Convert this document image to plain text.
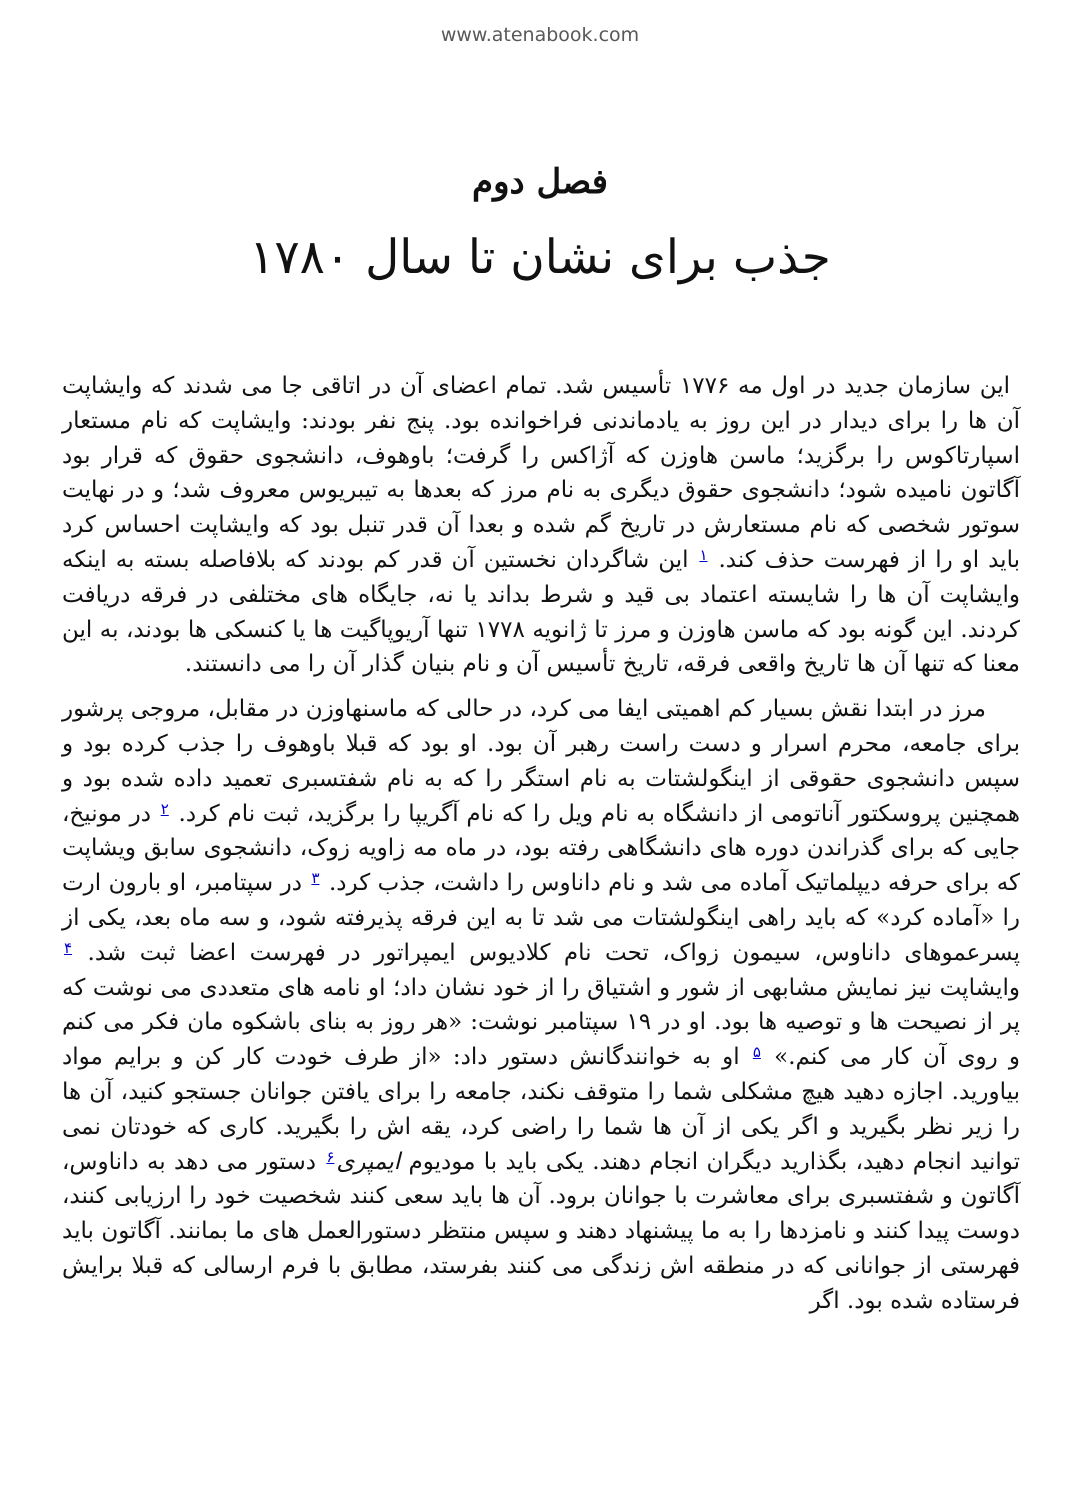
www.atenabook.com
فصل دوم
جذب برای نشان تا سال ۱۷۸۰

این سازمان جدید در اول مه ۱۷۷۶ تأسیس شد. تمام اعضای آن در اتاقی جا می شدند که وایشاپت آن ها را برای دیدار در این روز به یادماندنی فراخوانده بود. پنج نفر بودند: وایشاپت که نام مستعار اسپارتاکوس را برگزید؛ ماسن هاوزن که آژاکس را گرفت؛ باوهوف، دانشجوی حقوق که قرار بود آگاتون نامیده شود؛ دانشجوی حقوق دیگری به نام مرز که بعدها به تیبریوس معروف شد؛ و در نهایت سوتور شخصی که نام مستعارش در تاریخ گم شده و بعدا آن قدر تنبل بود که وایشاپت احساس کرد باید او را از فهرست حذف کند. $^۱$ این شاگردان نخستین آن قدر کم بودند که بلافاصله بسته به اینکه وایشاپت آن ها را شایسته اعتماد بی قید و شرط بداند یا نه، جایگاه های مختلفی در فرقه دریافت کردند. این گونه بود که ماسن هاوزن و مرز تا ژانویه ۱۷۷۸ تنها آریوپاگیت ها یا کنسکی ها بودند، به این معنا که تنها آن ها تاریخ واقعی فرقه، تاریخ تأسیس آن و نام بنیان گذار آن را می دانستند.

مرز در ابتدا نقش بسیار کم اهمیتی ایفا می کرد، در حالی که ماسنهاوزن در مقابل، مروجی پرشور برای جامعه، محرم اسرار و دست راست رهبر آن بود. او بود که قبلا باوهوف را جذب کرده بود و سپس دانشجوی حقوقی از اینگولشتات به نام استگر را که به نام شفتسبری تعمید داده شده بود و همچنین پروسکتور آناتومی از دانشگاه به نام ویل را که نام آگریپا را برگزید، ثبت نام کرد. $^۲$ در مونیخ، جایی که برای گذراندن دوره های دانشگاهی رفته بود، در ماه مه زاویه زوک، دانشجوی سابق ویشاپت که برای حرفه دیپلماتیک آماده می شد و نام داناوس را داشت، جذب کرد. $^۳$ در سپتامبر، او بارون ارت را «آماده کرد» که باید راهی اینگولشتات می شد تا به این فرقه پذیرفته شود، و سه ماه بعد، یکی از پسرعموهای داناوس، سیمون زواک، تحت نام کلادیوس ایمپراتور در فهرست اعضا ثبت شد. $^۴$ وایشاپت نیز نمایش مشابهی از شور و اشتیاق را از خود نشان داد؛ او نامه های متعددی می نوشت که پر از نصیحت ها و توصیه ها بود. او در ۱۹ سپتامبر نوشت: «هر روز به بنای باشکوه مان فکر می کنم و روی آن کار می کنم.» $^۵$ او به خوانندگانش دستور داد: «از طرف خودت کار کن و برایم مواد بیاورید. اجازه دهید هیچ مشکلی شما را متوقف نکند، جامعه را برای یافتن جوانان جستجو کنید، آن ها را زیر نظر بگیرید و اگر یکی از آن ها شما را راضی کرد، یقه اش را بگیرید. کاری که خودتان نمی توانید انجام دهید، بگذارید دیگران انجام دهند. یکی باید با مودیوم ایمپری$^۶$ دستور می دهد به داناوس، آگاتون و شفتسبری برای معاشرت با جوانان برود. آن ها باید سعی کنند شخصیت خود را ارزیابی کنند، دوست پیدا کنند و نامزدها را به ما پیشنهاد دهند و سپس منتظر دستورالعمل های ما بمانند. آگاتون باید فهرستی از جوانانی که در منطقه اش زندگی می کنند بفرستد، مطابق با فرم ارسالی که قبلا برایش فرستاده شده بود. اگر
